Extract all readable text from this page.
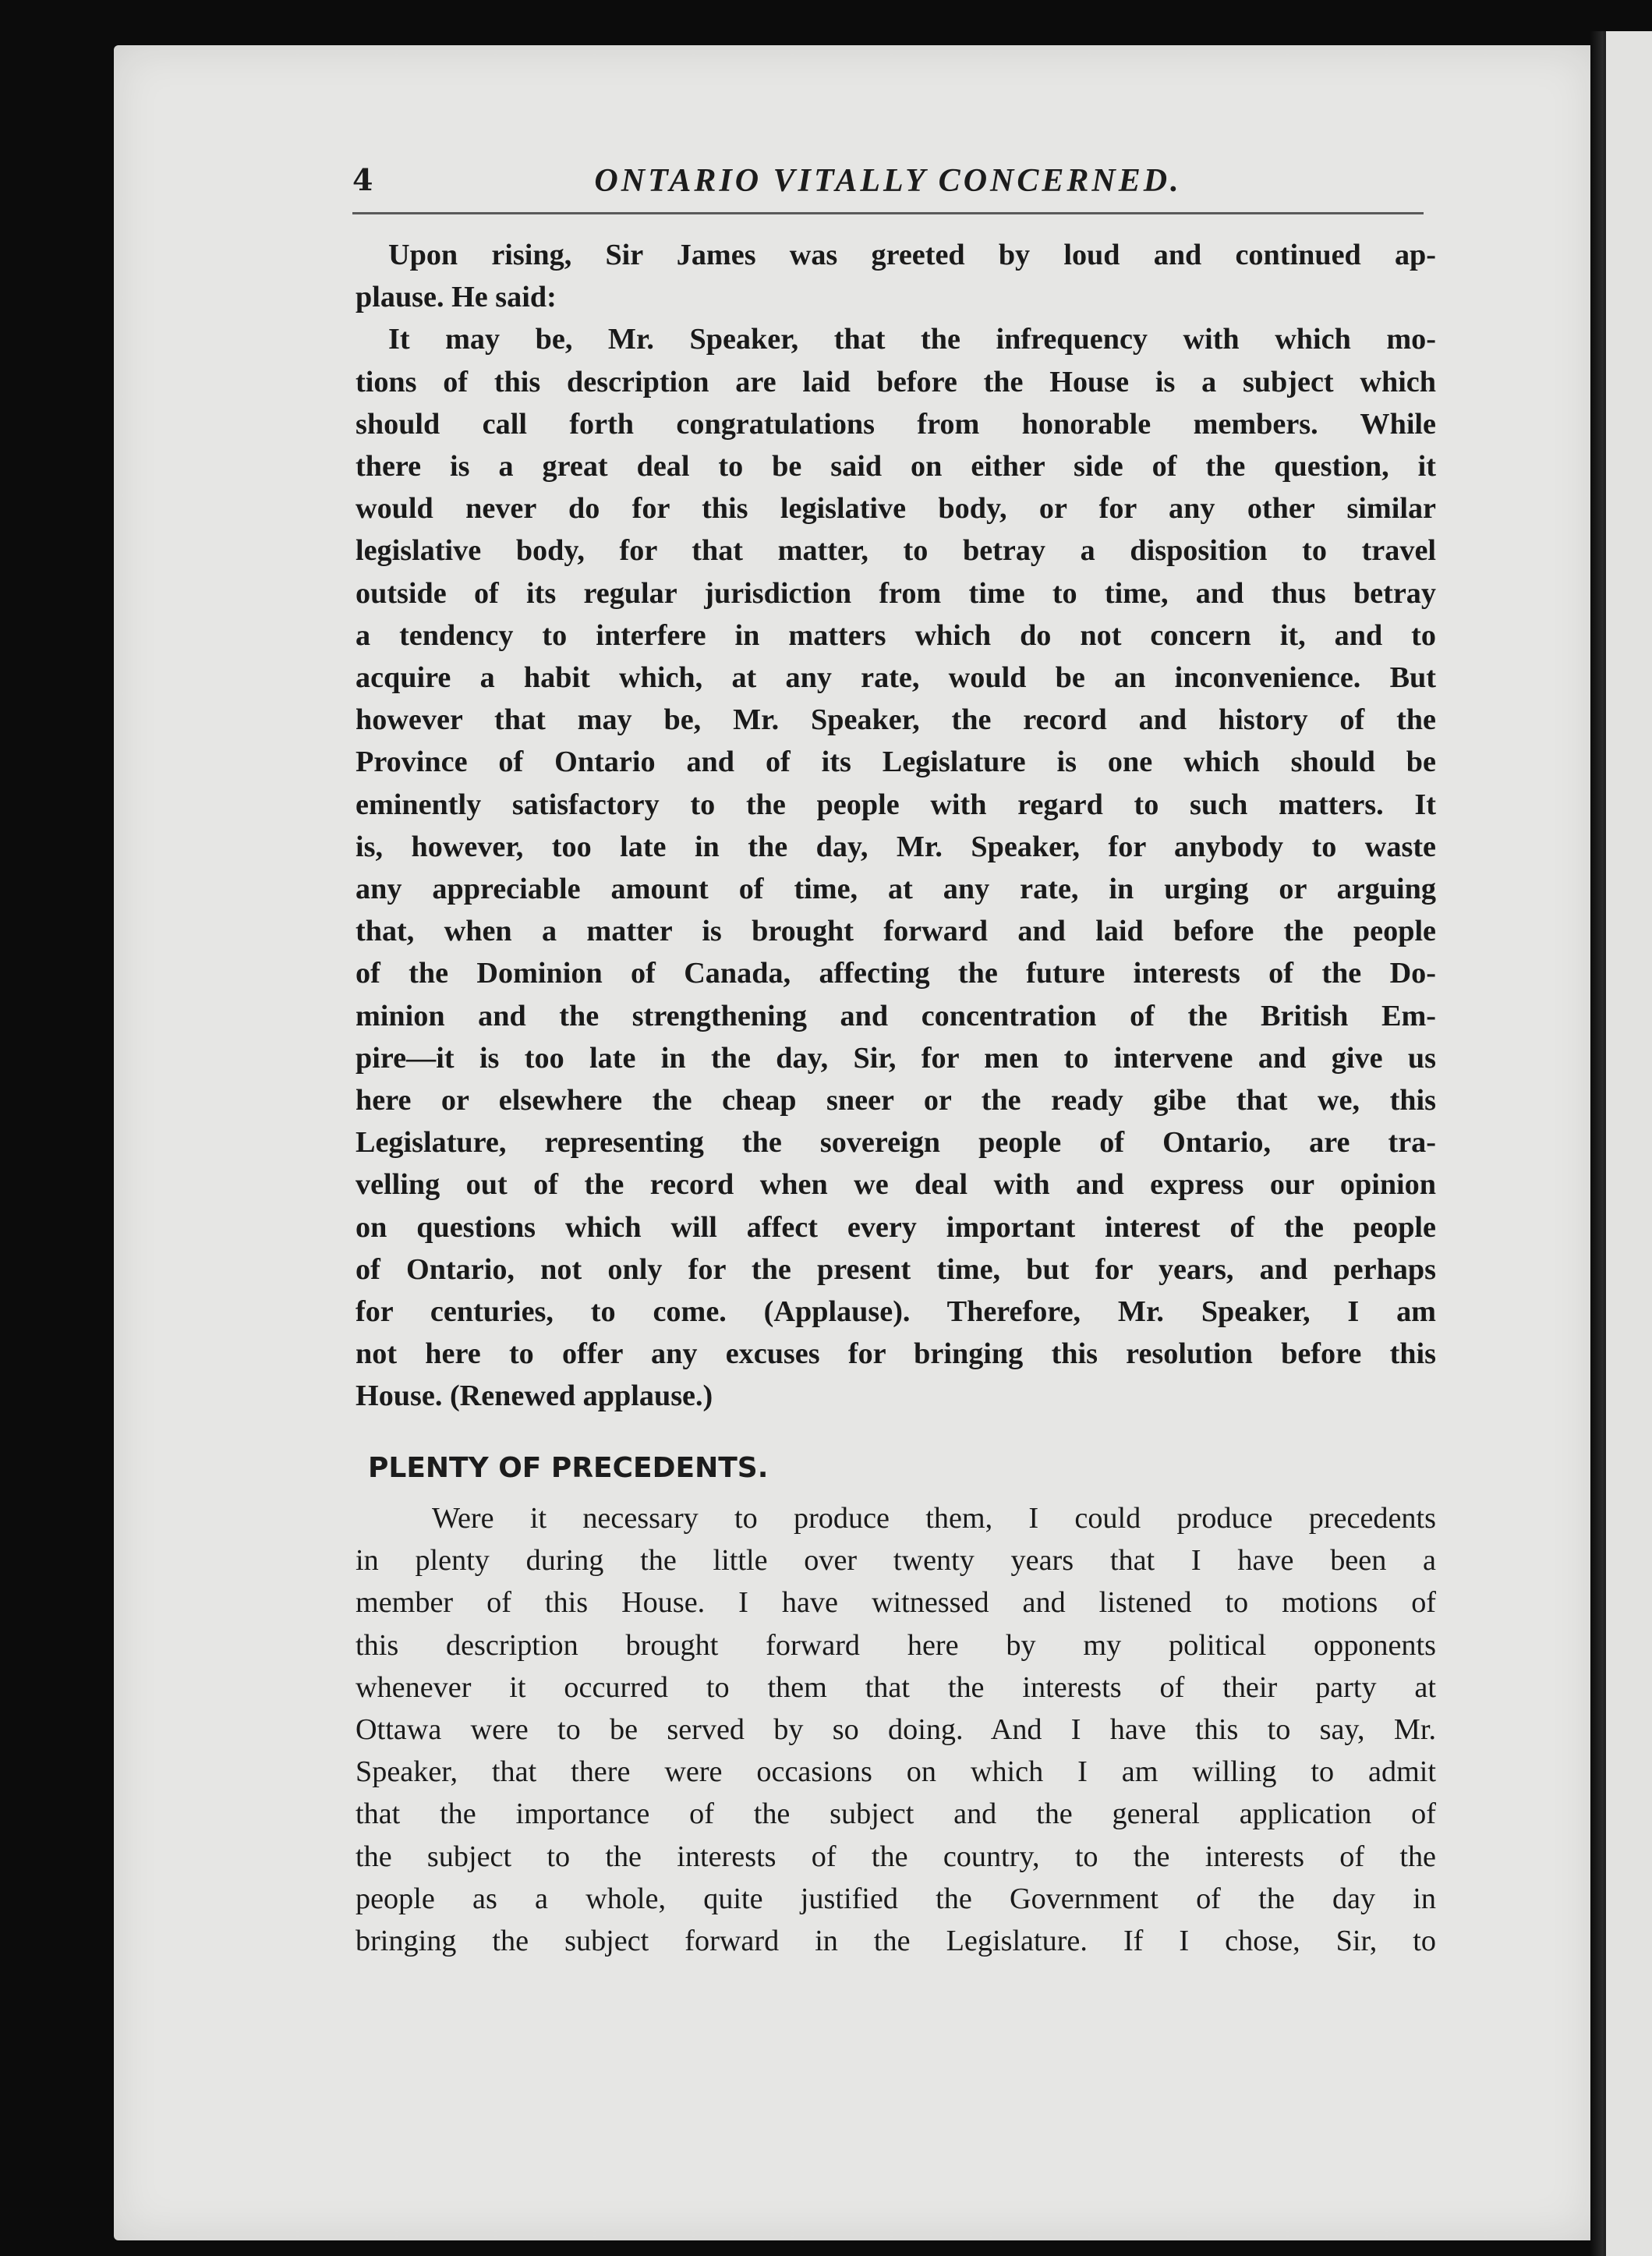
4	ONTARIO VITALLY CONCERNED.
Upon rising, Sir James was greeted by loud and continued ap-
plause. He said:
It may be, Mr. Speaker, that the infrequency with which mo-
tions of this description are laid before the House is a subject which
should call forth congratulations from honorable members. While
there is a great deal to be said on either side of the question, it
would never do for this legislative body, or for any other similar
legislative body, for that matter, to betray a disposition to travel
outside of its regular jurisdiction from time to time, and thus betray
a tendency to interfere in matters which do not concern it, and to
acquire a habit which, at any rate, would be an inconvenience. But
however that may be, Mr. Speaker, the record and history of the
Province of Ontario and of its Legislature is one which should be
eminently satisfactory to the people with regard to such matters. It
is, however, too late in the day, Mr. Speaker, for anybody to waste
any appreciable amount of time, at any rate, in urging or arguing
that, when a matter is brought forward and laid before the people
of the Dominion of Canada, affecting the future interests of the Do-
minion and the strengthening and concentration of the British Em-
pire—it is too late in the day, Sir, for men to intervene and give us
here or elsewhere the cheap sneer or the ready gibe that we, this
Legislature, representing the sovereign people of Ontario, are tra-
velling out of the record when we deal with and express our opinion
on questions which will affect every important interest of the people
of Ontario, not only for the present time, but for years, and perhaps
for centuries, to come. (Applause). Therefore, Mr. Speaker, I am
not here to offer any excuses for bringing this resolution before this
House. (Renewed applause.)
PLENTY OF PRECEDENTS.
Were it necessary to produce them, I could produce precedents
in plenty during the little over twenty years that I have been a
member of this House. I have witnessed and listened to motions of
this description brought forward here by my political opponents
whenever it occurred to them that the interests of their party at
Ottawa were to be served by so doing. And I have this to say, Mr.
Speaker, that there were occasions on which I am willing to admit
that the importance of the subject and the general application of
the subject to the interests of the country, to the interests of the
people as a whole, quite justified the Government of the day in
bringing the subject forward in the Legislature. If I chose, Sir, to
